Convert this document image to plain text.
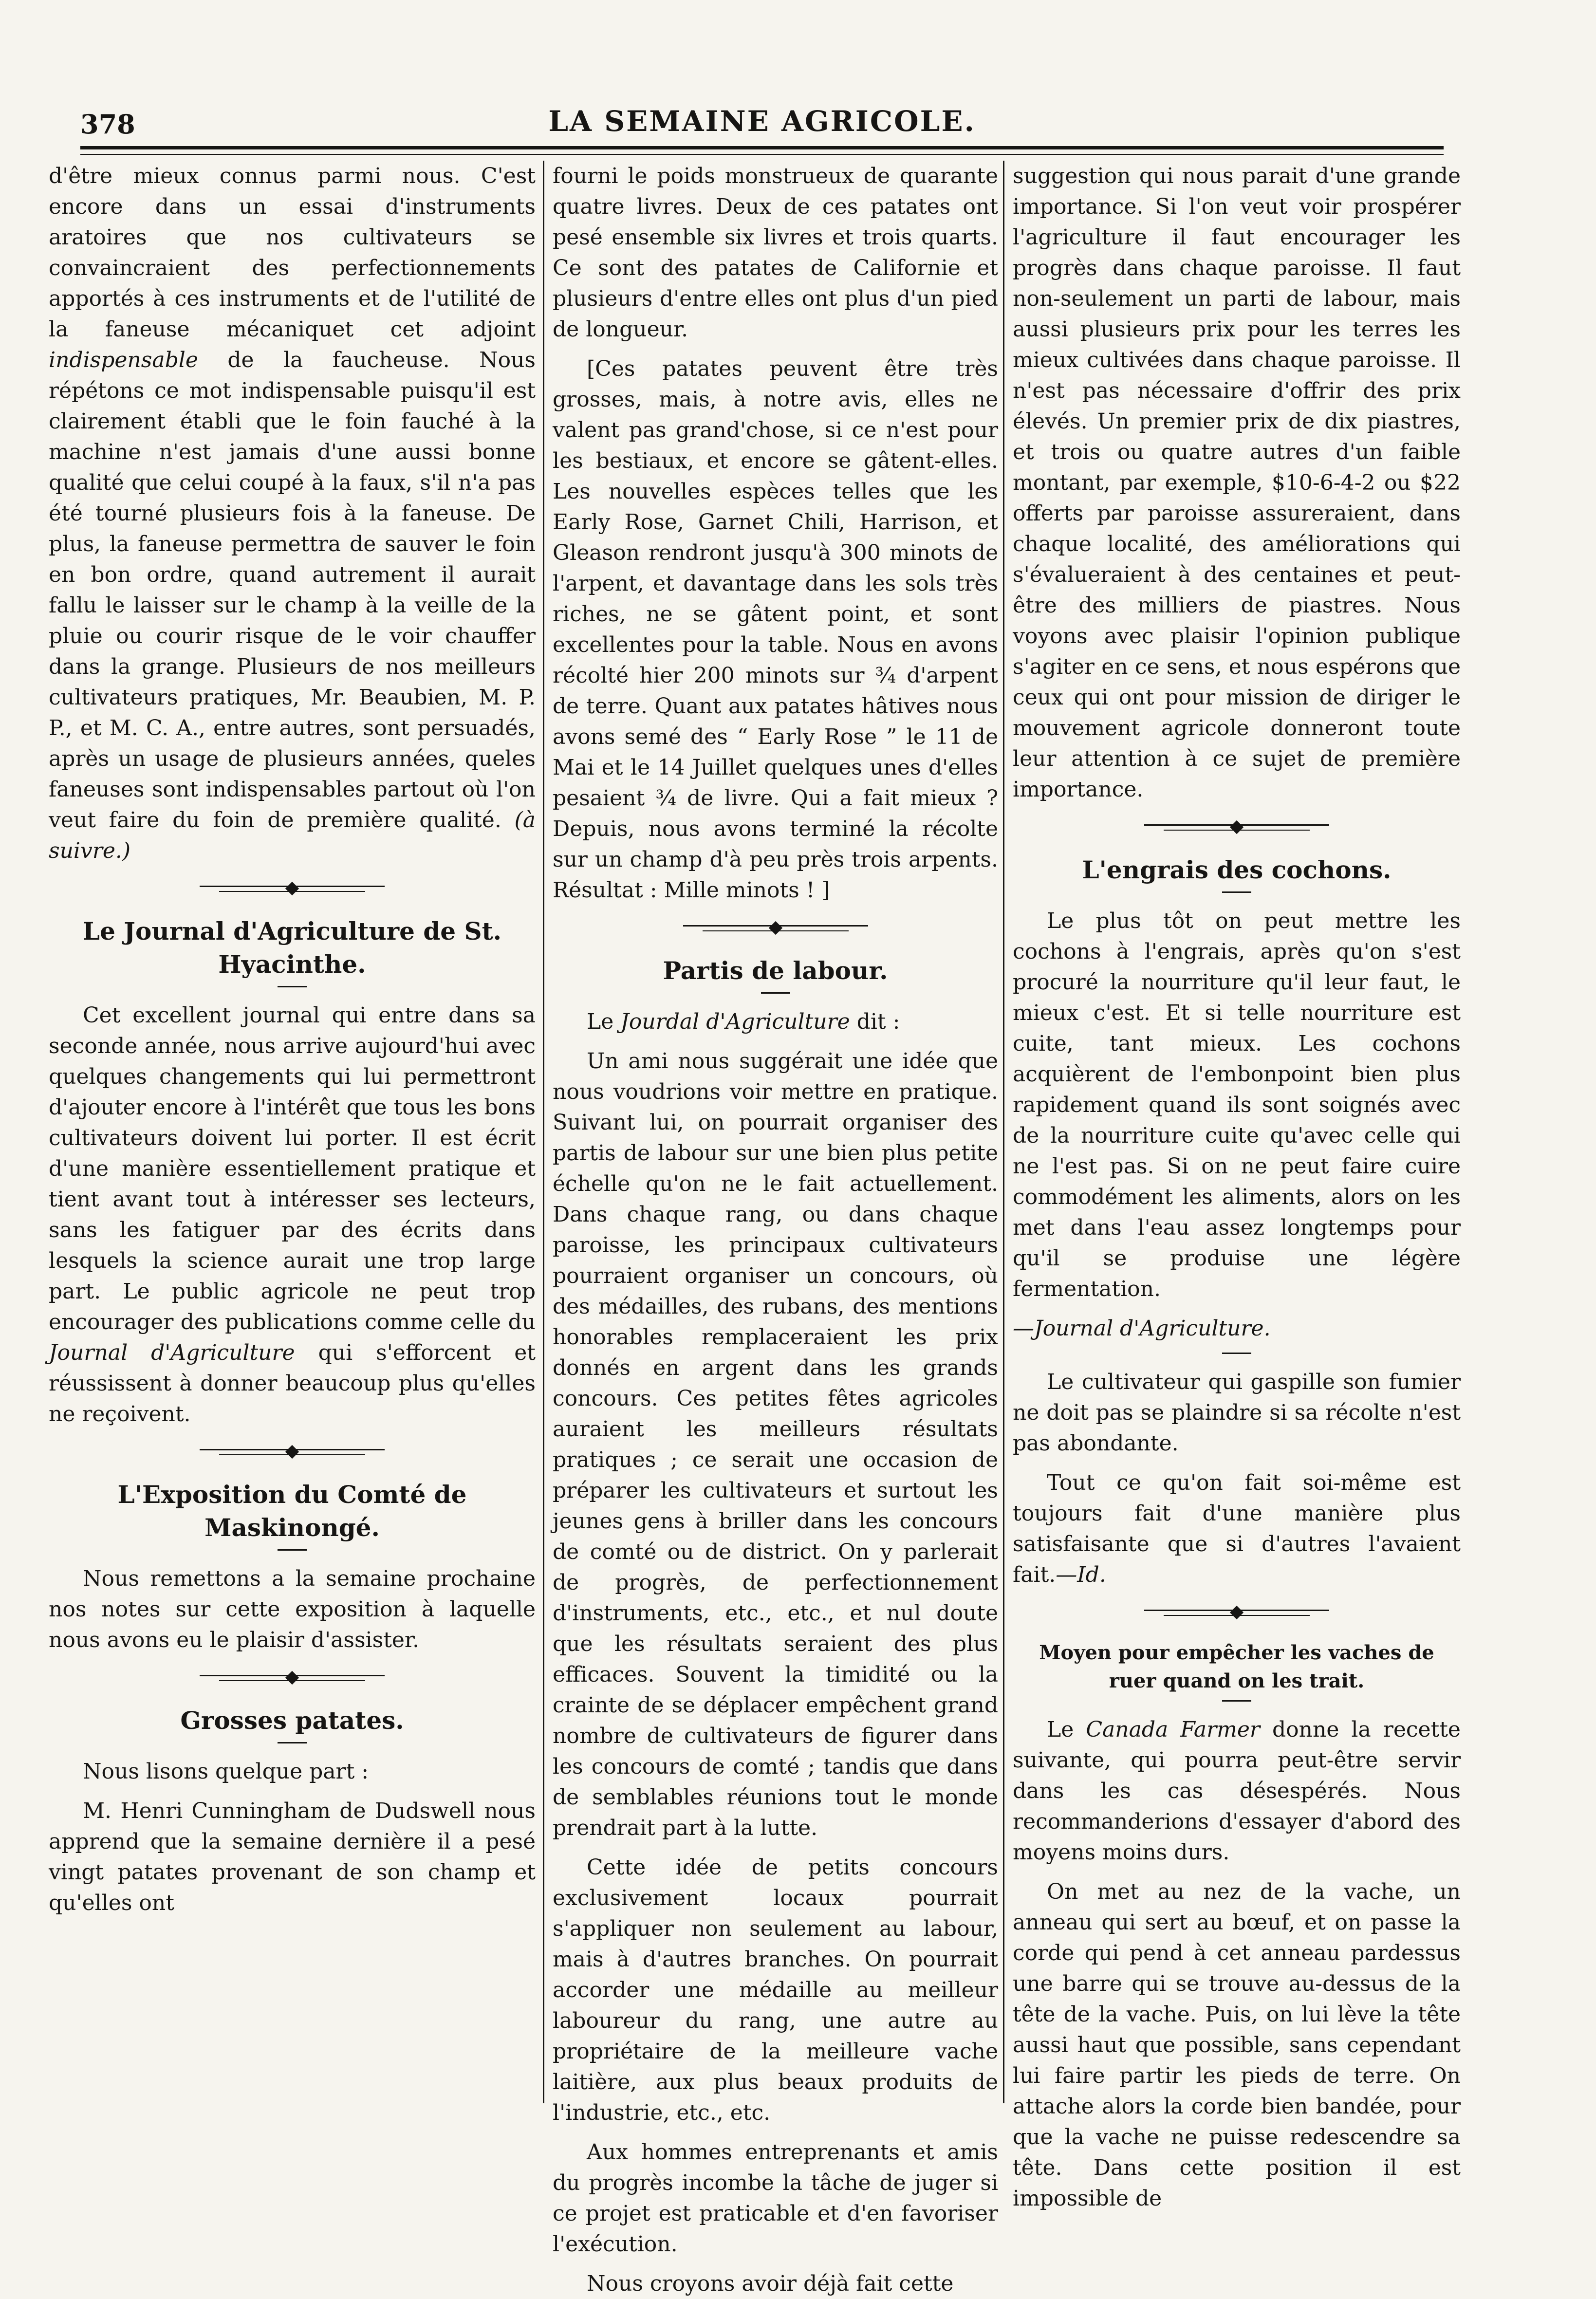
378	LA SEMAINE AGRICOLE.

d'être mieux connus parmi nous. C'est encore dans un essai d'instruments aratoires que nos cultivateurs se convaincraient des perfectionnements apportés à ces instruments et de l'utilité de la faneuse mécaniquet cet adjoint indispensable de la faucheuse. Nous répétons ce mot indispensable puisqu'il est clairement établi que le foin fauché à la machine n'est jamais d'une aussi bonne qualité que celui coupé à la faux, s'il n'a pas été tourné plusieurs fois à la faneuse. De plus, la faneuse permettra de sauver le foin en bon ordre, quand autrement il aurait fallu le laisser sur le champ à la veille de la pluie ou courir risque de le voir chauffer dans la grange. Plusieurs de nos meilleurs cultivateurs pratiques, Mr. Beaubien, M. P. P., et M. C. A., entre autres, sont persuadés, après un usage de plusieurs années, queles faneuses sont indispensables partout où l'on veut faire du foin de première qualité. (à suivre.)

Le Journal d'Agriculture de St. Hyacinthe.

Cet excellent journal qui entre dans sa seconde année, nous arrive aujourd'hui avec quelques changements qui lui permettront d'ajouter encore à l'intérêt que tous les bons cultivateurs doivent lui porter. Il est écrit d'une manière essentiellement pratique et tient avant tout à intéresser ses lecteurs, sans les fatiguer par des écrits dans lesquels la science aurait une trop large part. Le public agricole ne peut trop encourager des publications comme celle du Journal d'Agriculture qui s'efforcent et réussissent à donner beaucoup plus qu'elles ne reçoivent.

L'Exposition du Comté de Maskinongé.

Nous remettons a la semaine prochaine nos notes sur cette exposition à laquelle nous avons eu le plaisir d'assister.

Grosses patates.

Nous lisons quelque part :

M. Henri Cunningham de Dudswell nous apprend que la semaine dernière il a pesé vingt patates provenant de son champ et qu'elles ont

fourni le poids monstrueux de quarante quatre livres. Deux de ces patates ont pesé ensemble six livres et trois quarts. Ce sont des patates de Californie et plusieurs d'entre elles ont plus d'un pied de longueur.

[Ces patates peuvent être très grosses, mais, à notre avis, elles ne valent pas grand'chose, si ce n'est pour les bestiaux, et encore se gâtent-elles. Les nouvelles espèces telles que les Early Rose, Garnet Chili, Harrison, et Gleason rendront jusqu'à 300 minots de l'arpent, et davantage dans les sols très riches, ne se gâtent point, et sont excellentes pour la table. Nous en avons récolté hier 200 minots sur ¾ d'arpent de terre. Quant aux patates hâtives nous avons semé des “ Early Rose ” le 11 de Mai et le 14 Juillet quelques unes d'elles pesaient ¾ de livre. Qui a fait mieux ? Depuis, nous avons terminé la récolte sur un champ d'à peu près trois arpents. Résultat : Mille minots ! ]

Partis de labour.

Le Jourdal d'Agriculture dit :

Un ami nous suggérait une idée que nous voudrions voir mettre en pratique. Suivant lui, on pourrait organiser des partis de labour sur une bien plus petite échelle qu'on ne le fait actuellement. Dans chaque rang, ou dans chaque paroisse, les principaux cultivateurs pourraient organiser un concours, où des médailles, des rubans, des mentions honorables remplaceraient les prix donnés en argent dans les grands concours. Ces petites fêtes agricoles auraient les meilleurs résultats pratiques ; ce serait une occasion de préparer les cultivateurs et surtout les jeunes gens à briller dans les concours de comté ou de district. On y parlerait de progrès, de perfectionnement d'instruments, etc., etc., et nul doute que les résultats seraient des plus efficaces. Souvent la timidité ou la crainte de se déplacer empêchent grand nombre de cultivateurs de figurer dans les concours de comté ; tandis que dans de semblables réunions tout le monde prendrait part à la lutte.

Cette idée de petits concours exclusivement locaux pourrait s'appliquer non seulement au labour, mais à d'autres branches. On pourrait accorder une médaille au meilleur laboureur du rang, une autre au propriétaire de la meilleure vache laitière, aux plus beaux produits de l'industrie, etc., etc.

Aux hommes entreprenants et amis du progrès incombe la tâche de juger si ce projet est praticable et d'en favoriser l'exécution.

Nous croyons avoir déjà fait cette

suggestion qui nous parait d'une grande importance. Si l'on veut voir prospérer l'agriculture il faut encourager les progrès dans chaque paroisse. Il faut non-seulement un parti de labour, mais aussi plusieurs prix pour les terres les mieux cultivées dans chaque paroisse. Il n'est pas nécessaire d'offrir des prix élevés. Un premier prix de dix piastres, et trois ou quatre autres d'un faible montant, par exemple, $10-6-4-2 ou $22 offerts par paroisse assureraient, dans chaque localité, des améliorations qui s'évalueraient à des centaines et peut-être des milliers de piastres. Nous voyons avec plaisir l'opinion publique s'agiter en ce sens, et nous espérons que ceux qui ont pour mission de diriger le mouvement agricole donneront toute leur attention à ce sujet de première importance.

L'engrais des cochons.

Le plus tôt on peut mettre les cochons à l'engrais, après qu'on s'est procuré la nourriture qu'il leur faut, le mieux c'est. Et si telle nourriture est cuite, tant mieux. Les cochons acquièrent de l'embonpoint bien plus rapidement quand ils sont soignés avec de la nourriture cuite qu'avec celle qui ne l'est pas. Si on ne peut faire cuire commodément les aliments, alors on les met dans l'eau assez longtemps pour qu'il se produise une légère fermentation.

—Journal d'Agriculture.

Le cultivateur qui gaspille son fumier ne doit pas se plaindre si sa récolte n'est pas abondante.

Tout ce qu'on fait soi-même est toujours fait d'une manière plus satisfaisante que si d'autres l'avaient fait.—Id.

Moyen pour empêcher les vaches de ruer quand on les trait.

Le Canada Farmer donne la recette suivante, qui pourra peut-être servir dans les cas désespérés. Nous recommanderions d'essayer d'abord des moyens moins durs.

On met au nez de la vache, un anneau qui sert au bœuf, et on passe la corde qui pend à cet anneau pardessus une barre qui se trouve au-dessus de la tête de la vache. Puis, on lui lève la tête aussi haut que possible, sans cependant lui faire partir les pieds de terre. On attache alors la corde bien bandée, pour que la vache ne puisse redescendre sa tête. Dans cette position il est impossible de
